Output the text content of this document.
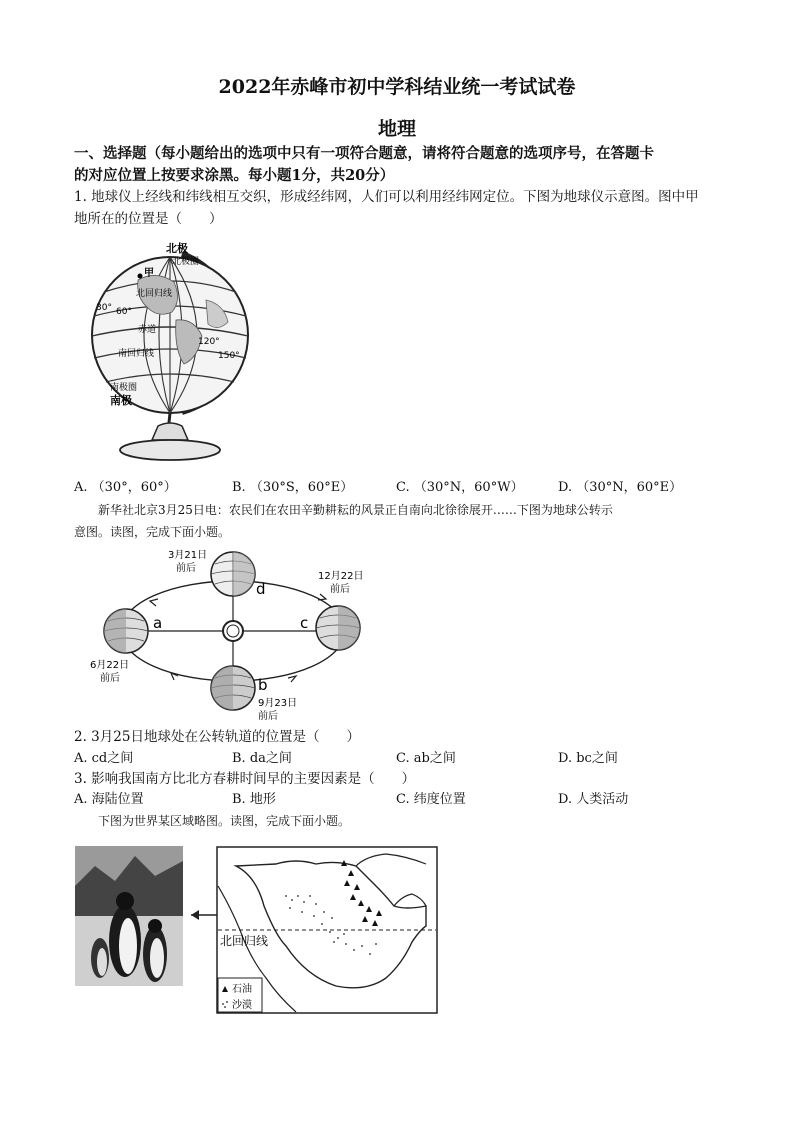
2022年赤峰市初中学科结业统一考试试卷
地理
一、选择题（每小题给出的选项中只有一项符合题意，请将符合题意的选项序号，在答题卡
的对应位置上按要求涂黑。每小题1分，共20分）
1. 地球仪上经线和纬线相互交织，形成经纬网，人们可以利用经纬网定位。下图为地球仪示意图。图中甲
地所在的位置是（　　）
北极
北极圈
甲
北回归线
30° 60°
赤道
120°
150°
南回归线
南极圈
南极
A. （30°，60°）	B. （30°S，60°E）	C. （30°N，60°W）	D. （30°N，60°E）
新华社北京3月25日电：农民们在农田辛勤耕耘的风景正自南向北徐徐展开……下图为地球公转示
意图。读图，完成下面小题。
3月21日
前后
12月22日
前后
6月22日
前后
9月23日
前后
a
b
c
d
2. 3月25日地球处在公转轨道的位置是（　　）
A. cd之间	B. da之间	C. ab之间	D. bc之间
3. 影响我国南方比北方春耕时间早的主要因素是（　　）
A. 海陆位置	B. 地形	C. 纬度位置	D. 人类活动
下图为世界某区域略图。读图，完成下面小题。
北回归线
石油
沙漠
